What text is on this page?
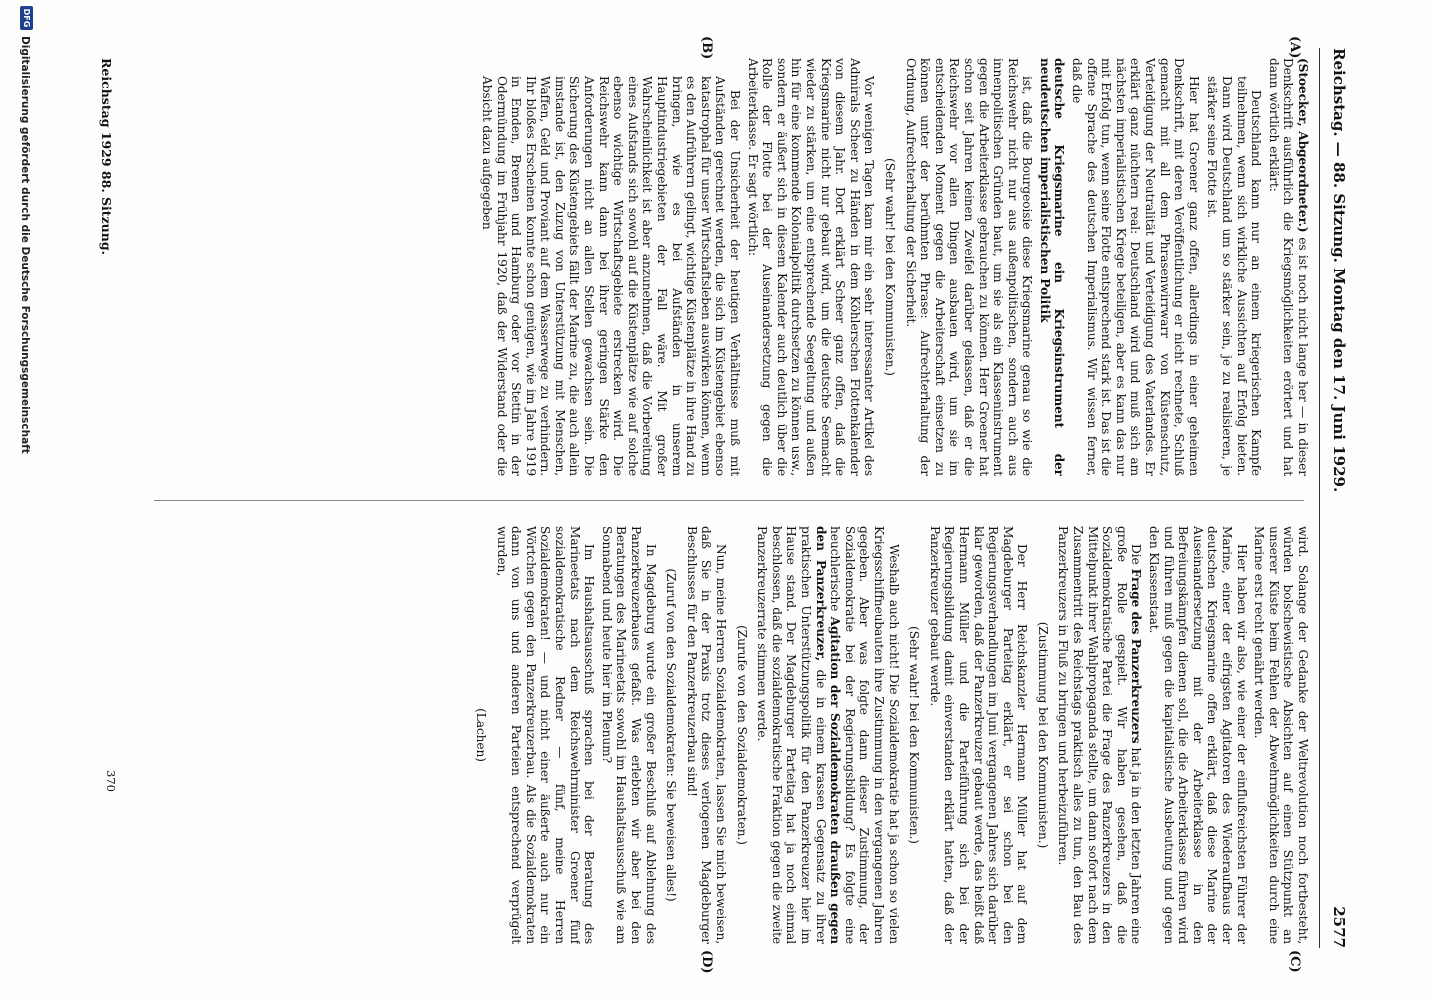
Reichstag. — 88. Sitzung. Montag den 17. Juni 1929.
2577
(A)
(B)
(C)
(D)

(Stoecker, Abgeordneter.) es ist noch nicht lange her — in dieser Denkschrift ausführlich die Kriegsmöglichkeiten erörtert und hat dann wörtlich erklärt:

Deutschland kann nur an einem kriegerischen Kampfe teilnehmen, wenn sich wirkliche Aussichten auf Erfolg bieten. Dann wird Deutschland um so stärker sein, je zu realisieren, je stärker seine Flotte ist.

Hier hat Groener ganz offen, allerdings in einer geheimen Denkschrift, mit deren Veröffentlichung er nicht rechnete, Schluß gemacht mit all dem Phrasenwirrwarr von Küstenschutz, Verteidigung der Neutralität und Verteidigung des Vaterlandes. Er erklärt ganz nüchtern real: Deutschland wird und muß sich am nächsten imperialistischen Kriege beteiligen, aber es kann das nur mit Erfolg tun, wenn seine Flotte entsprechend stark ist. Das ist die offene Sprache des deutschen Imperialismus. Wir wissen ferner, daß die

deutsche Kriegsmarine ein Kriegsinstrument der neudeutschen imperialistischen Politik

ist, daß die Bourgeoisie diese Kriegsmarine genau so wie die Reichswehr nicht nur aus außenpolitischen, sondern auch aus innenpolitischen Gründen baut, um sie als ein Klasseninstrument gegen die Arbeiterklasse gebrauchen zu können. Herr Groener hat schon seit Jahren keinen Zweifel darüber gelassen, daß er die Reichswehr vor allen Dingen ausbauen wird, um sie im entscheidenden Moment gegen die Arbeiterschaft einsetzen zu können unter der berühmten Phrase: Aufrechterhaltung der Ordnung, Aufrechterhaltung der Sicherheit.

(Sehr wahr! bei den Kommunisten.)

Vor wenigen Tagen kam mir ein sehr interessanter Artikel des Admirals Scheer zu Händen in dem Köhlerschen Flottenkalender von diesem Jahr. Dort erklärt Scheer ganz offen, daß die Kriegsmarine nicht nur gebaut wird, um die deutsche Seemacht wieder zu stärken, um eine entsprechende Seegeltung und außen hin für eine kommende Kolonialpolitik durchsetzen zu können usw., sondern er äußert sich in diesem Kalender auch deutlich über die Rolle der Flotte bei der Auseinandersetzung gegen die Arbeiterklasse. Er sagt wörtlich:

Bei der Unsicherheit der heutigen Verhältnisse muß mit Aufständen gerechnet werden, die sich im Küstengebiet ebenso katastrophal für unser Wirtschaftsleben auswirken können, wenn es den Aufrührern gelingt, wichtige Küstenplätze in ihre Hand zu bringen, wie es bei Aufständen in unserem Hauptindustriegebieten der Fall wäre. Mit großer Wahrscheinlichkeit ist aber anzunehmen, daß die Vorbereitung eines Aufstands sich sowohl auf die Küstenplätze wie auf solche ebenso wichtige Wirtschaftsgebiete erstrecken wird. Die Reichswehr kann dann bei ihrer geringen Stärke den Anforderungen nicht an allen Stellen gewachsen sein. Die Sicherung des Küstengebiets fällt der Marine zu, die auch allein imstande ist, den Zuzug von Unterstützung mit Menschen, Waffen, Geld und Proviant auf dem Wasserwege zu verhindern. Ihr bloßes Erscheinen konnte schon genügen, wie im Jahre 1919 in Emden, Bremen und Hamburg oder vor Stettin in der Odermündung im Frühjahr 1920, daß der Widerstand oder die Absicht dazu aufgegeben

wird. Solange der Gedanke der Weltrevolution noch fortbesteht, würden bolschewistische Absichten auf einen Stützpunkt an unserer Küste beim Fehlen der Abwehrmöglichkeiten durch eine Marine erst recht genährt werden.

Hier haben wir also, wie einer der einflußreichsten Führer der Marine, einer der eifrigsten Agitatoren des Wiederaufbaus der deutschen Kriegsmarine offen erklärt, daß diese Marine der Auseinandersetzung mit der Arbeiterklasse in den Befreiungskämpfen dienen soll, die die Arbeiterklasse führen wird und führen muß gegen die kapitalistische Ausbeutung und gegen den Klassenstaat.

Die Frage des Panzerkreuzers hat ja in den letzten Jahren eine große Rolle gespielt. Wir haben gesehen, daß die Sozialdemokratische Partei die Frage des Panzerkreuzers in den Mittelpunkt ihrer Wahlpropaganda stellte, um dann sofort nach dem Zusammentritt des Reichstags praktisch alles zu tun, den Bau des Panzerkreuzers in Fluß zu bringen und herbeizuführen.

(Zustimmung bei den Kommunisten.)

Der Herr Reichskanzler Hermann Müller hat auf dem Magdeburger Parteitag erklärt, er sei schon bei den Regierungsverhandlungen im Juni vergangenen Jahres sich darüber klar geworden, daß der Panzerkreuzer gebaut werde, das heißt daß Hermann Müller und die Parteiführung sich bei der Regierungsbildung damit einverstanden erklärt hatten, daß der Panzerkreuzer gebaut werde.

(Sehr wahr! bei den Kommunisten.)

Weshalb auch nicht! Die Sozialdemokratie hat ja schon so vielen Kriegsschiffneubauten ihre Zustimmung in den vergangenen Jahren gegeben. Aber was folgte dann dieser Zustimmung, der Sozialdemokratie bei der Regierungsbildung? Es folgte eine heuchlerische Agitation der Sozialdemokraten draußen gegen den Panzerkreuzer, die in einem krassen Gegensatz zu ihrer praktischen Unterstützungspolitik für den Panzerkreuzer hier im Hause stand. Der Magdeburger Parteitag hat ja noch einmal beschlossen, daß die sozialdemokratische Fraktion gegen die zweite Panzerkreuzerrate stimmen werde.

(Zurufe von den Sozialdemokraten.)

Nun, meine Herren Sozialdemokraten, lassen Sie mich beweisen, daß Sie in der Praxis trotz dieses verlogenen Magdeburger Beschlusses für den Panzerkreuzerbau sind!

(Zuruf von den Sozialdemokraten: Sie beweisen alles!)

In Magdeburg wurde ein großer Beschluß auf Ablehnung des Panzerkreuzerbaues gefaßt. Was erlebten wir aber bei den Beratungen des Marineetats sowohl im Haushaltsausschuß wie am Sonnabend und heute hier im Plenum?

Im Haushaltsausschuß sprachen bei der Beratung des Marineetats nach dem Reichswehrminister Groener fünf sozialdemokratische Redner — fünf, meine Herren Sozialdemokraten! — und nicht einer äußerte auch nur ein Wörtchen gegen den Panzerkreuzerbau. Als die Sozialdemokraten dann von uns und anderen Parteien entsprechend verprügelt wurden,

(Lachen)

Reichstag 1929 88. Sitzung.
370
DFG
Digitalisierung gefördert durch die Deutsche Forschungsgemeinschaft
